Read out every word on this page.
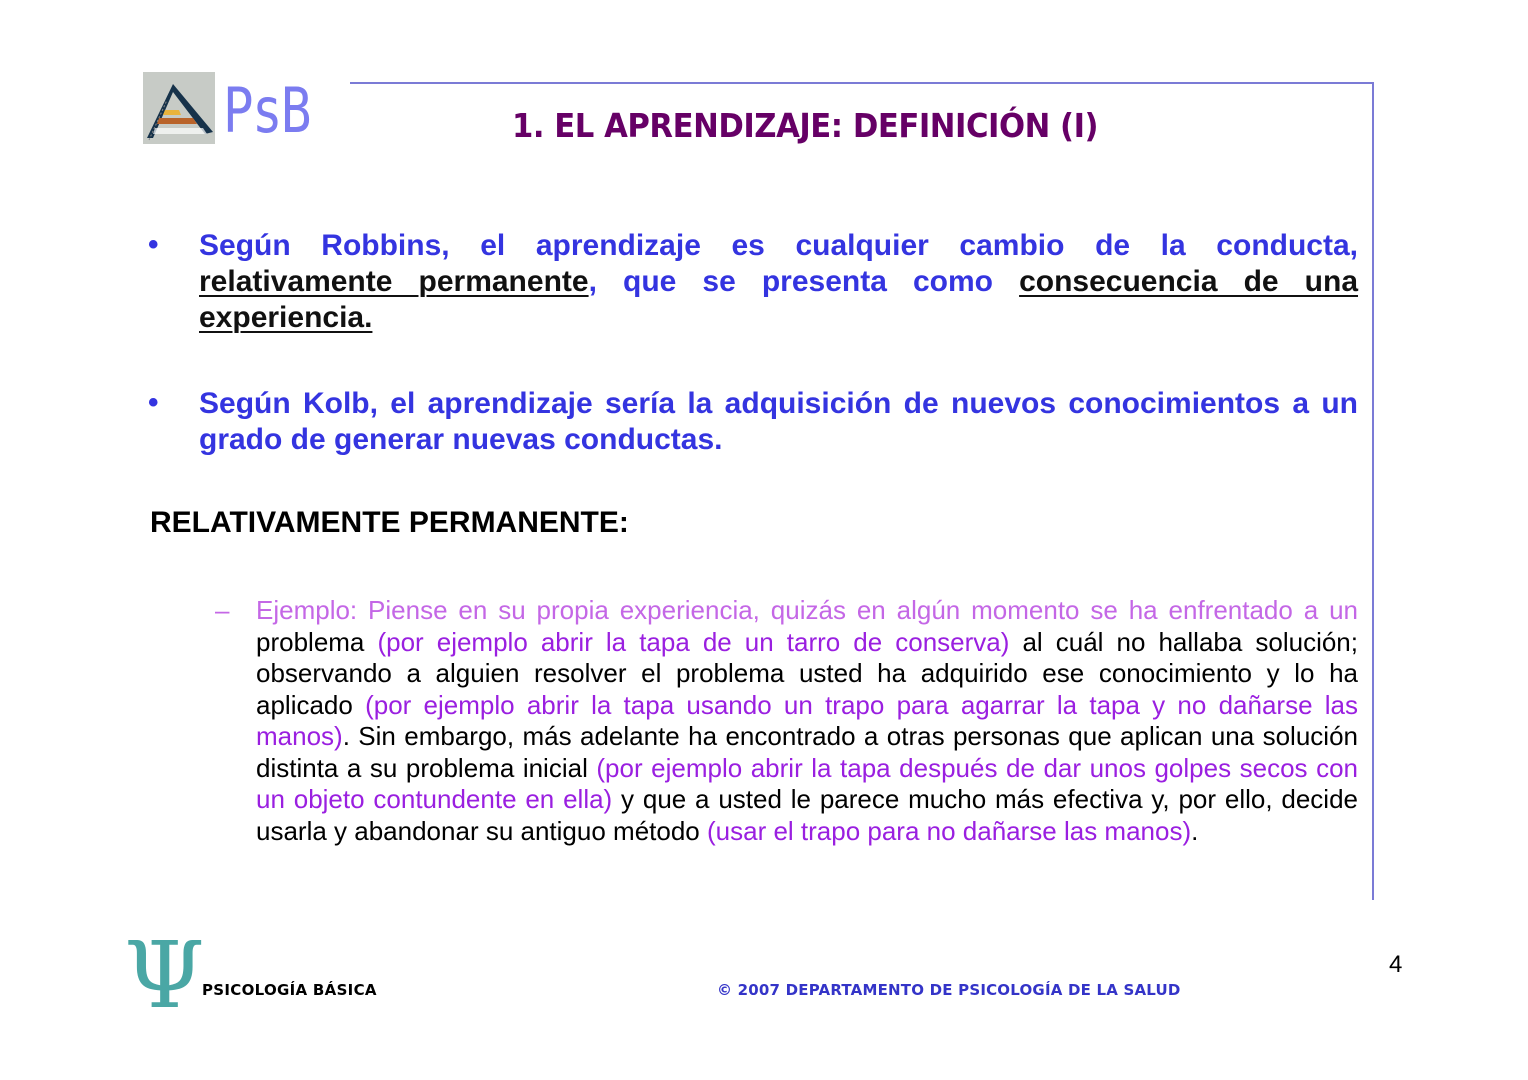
PsB	1. EL APRENDIZAJE: DEFINICIÓN (I)
• Según Robbins, el aprendizaje es cualquier cambio de la conducta, relativamente permanente, que se presenta como consecuencia de una experiencia.
• Según Kolb, el aprendizaje sería la adquisición de nuevos conocimientos a un grado de generar nuevas conductas.
RELATIVAMENTE PERMANENTE:
– Ejemplo: Piense en su propia experiencia, quizás en algún momento se ha enfrentado a un problema (por ejemplo abrir la tapa de un tarro de conserva) al cuál no hallaba solución; observando a alguien resolver el problema usted ha adquirido ese conocimiento y lo ha aplicado (por ejemplo abrir la tapa usando un trapo para agarrar la tapa y no dañarse las manos). Sin embargo, más adelante ha encontrado a otras personas que aplican una solución distinta a su problema inicial (por ejemplo abrir la tapa después de dar unos golpes secos con un objeto contundente en ella) y que a usted le parece mucho más efectiva y, por ello, decide usarla y abandonar su antiguo método (usar el trapo para no dañarse las manos).
Ψ
PSICOLOGÍA BÁSICA	© 2007 DEPARTAMENTO DE PSICOLOGÍA DE LA SALUD
4
